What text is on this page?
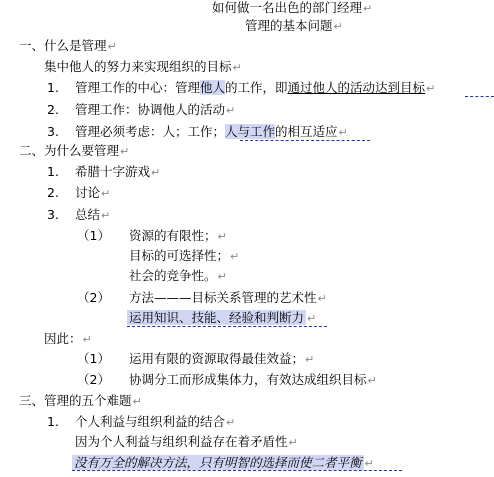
如何做一名出色的部门经理↵
管理的基本问题↵
一、什么是管理↵
集中他人的努力来实现组织的目标↵
1. 管理工作的中心：管理他人的工作，即通过他人的活动达到目标↵
2. 管理工作：协调他人的活动↵
3. 管理必须考虑：人；工作；人与工作的相互适应↵
二、为什么要管理↵
1. 希腊十字游戏↵
2. 讨论↵
3. 总结↵
（1） 资源的有限性；↵
目标的可选择性；↵
社会的竞争性。↵
（2） 方法———目标关系管理的艺术性↵
运用知识、技能、经验和判断力 ↵
因此：↵
（1） 运用有限的资源取得最佳效益；↵
（2） 协调分工而形成集体力，有效达成组织目标↵
三、管理的五个难题↵
1. 个人利益与组织利益的结合↵
因为个人利益与组织利益存在着矛盾性↵
没有万全的解决方法，只有明智的选择而使二者平衡 ↵
